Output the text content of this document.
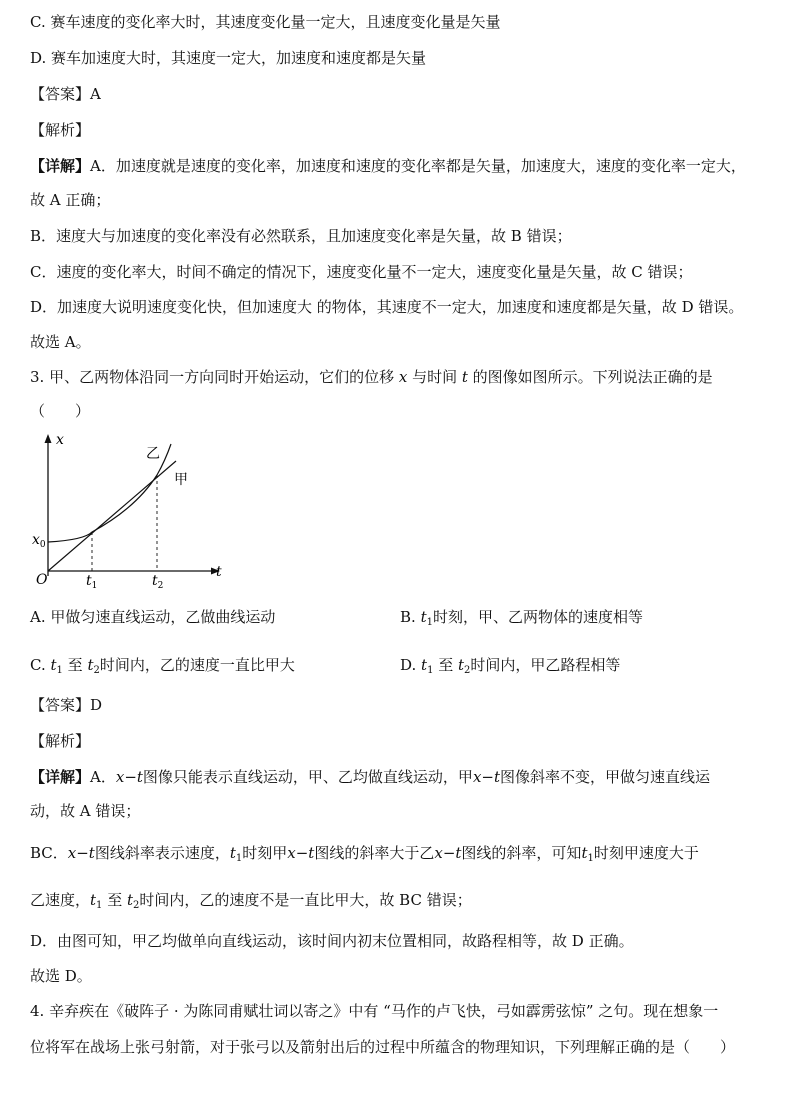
C. 赛车速度的变化率大时，其速度变化量一定大，且速度变化量是矢量
D. 赛车加速度大时，其速度一定大，加速度和速度都是矢量
【答案】A
【解析】
【详解】A．加速度就是速度的变化率，加速度和速度的变化率都是矢量，加速度大，速度的变化率一定大，
故 A 正确；
B．速度大与加速度的变化率没有必然联系，且加速度变化率是矢量，故 B 错误；
C．速度的变化率大，时间不确定的情况下，速度变化量不一定大，速度变化量是矢量，故 C 错误；
D．加速度大说明速度变化快，但加速度大 的物体，其速度不一定大，加速度和速度都是矢量，故 D 错误。
故选 A。
3. 甲、乙两物体沿同一方向同时开始运动，它们的位移 x 与时间 t 的图像如图所示。下列说法正确的是
（　　）
x
t
O
$x_0$
$t_1$	$t_2$
乙
甲
A. 甲做匀速直线运动，乙做曲线运动	B. $t_1$时刻，甲、乙两物体的速度相等
C. $t_1$ 至 $t_2$时间内，乙的速度一直比甲大	D. $t_1$ 至 $t_2$时间内，甲乙路程相等
【答案】D
【解析】
【详解】A．x−t图像只能表示直线运动，甲、乙均做直线运动，甲x−t图像斜率不变，甲做匀速直线运
动，故 A 错误；
BC．x−t图线斜率表示速度，$t_1$时刻甲x−t图线的斜率大于乙x−t图线的斜率，可知$t_1$时刻甲速度大于
乙速度，$t_1$ 至 $t_2$时间内，乙的速度不是一直比甲大，故 BC 错误；
D．由图可知，甲乙均做单向直线运动，该时间内初末位置相同，故路程相等，故 D 正确。
故选 D。
4. 辛弃疾在《破阵子 · 为陈同甫赋壮词以寄之》中有 “马作的卢飞快，弓如霹雳弦惊” 之句。现在想象一
位将军在战场上张弓射箭，对于张弓以及箭射出后的过程中所蕴含的物理知识，下列理解正确的是（　　）
